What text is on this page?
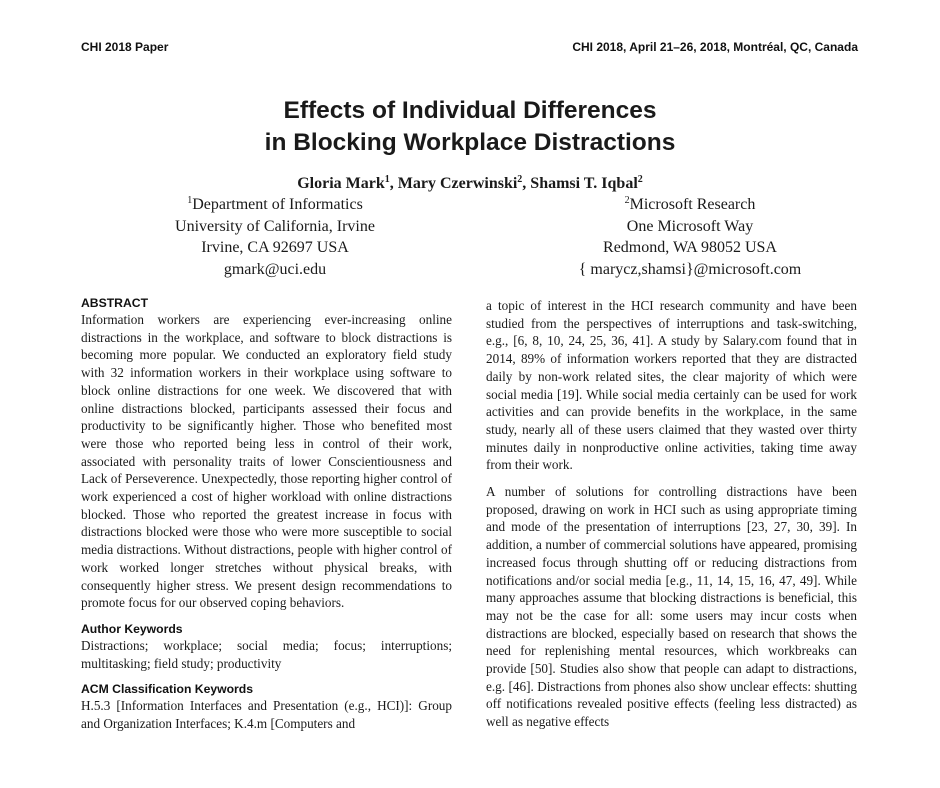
CHI 2018 Paper	CHI 2018, April 21–26, 2018, Montréal, QC, Canada
Effects of Individual Differences
in Blocking Workplace Distractions
Gloria Mark$^1$, Mary Czerwinski$^2$, Shamsi T. Iqbal$^2$
$^1$Department of Informatics
University of California, Irvine
Irvine, CA 92697 USA
gmark@uci.edu
$^2$Microsoft Research
One Microsoft Way
Redmond, WA 98052 USA
{ marycz,shamsi}@microsoft.com
ABSTRACT

Information workers are experiencing ever-increasing online distractions in the workplace, and software to block distractions is becoming more popular. We conducted an exploratory field study with 32 information workers in their workplace using software to block online distractions for one week. We discovered that with online distractions blocked, participants assessed their focus and productivity to be significantly higher. Those who benefited most were those who reported being less in control of their work, associated with personality traits of lower Conscientiousness and Lack of Perseverence. Unexpectedly, those reporting higher control of work experienced a cost of higher workload with online distractions blocked. Those who reported the greatest increase in focus with distractions blocked were those who were more susceptible to social media distractions. Without distractions, people with higher control of work worked longer stretches without physical breaks, with consequently higher stress. We present design recommendations to promote focus for our observed coping behaviors.

Author Keywords

Distractions; workplace; social media; focus; interruptions; multitasking; field study; productivity

ACM Classification Keywords

H.5.3 [Information Interfaces and Presentation (e.g., HCI)]: Group and Organization Interfaces; K.4.m [Computers and

a topic of interest in the HCI research community and have been studied from the perspectives of interruptions and task-switching, e.g., [6, 8, 10, 24, 25, 36, 41]. A study by Salary.com found that in 2014, 89% of information workers reported that they are distracted daily by non-work related sites, the clear majority of which were social media [19]. While social media certainly can be used for work activities and can provide benefits in the workplace, in the same study, nearly all of these users claimed that they wasted over thirty minutes daily in nonproductive online activities, taking time away from their work.

A number of solutions for controlling distractions have been proposed, drawing on work in HCI such as using appropriate timing and mode of the presentation of interruptions [23, 27, 30, 39]. In addition, a number of commercial solutions have appeared, promising increased focus through shutting off or reducing distractions from notifications and/or social media [e.g., 11, 14, 15, 16, 47, 49]. While many approaches assume that blocking distractions is beneficial, this may not be the case for all: some users may incur costs when distractions are blocked, especially based on research that shows the need for replenishing mental resources, which workbreaks can provide [50]. Studies also show that people can adapt to distractions, e.g. [46]. Distractions from phones also show unclear effects: shutting off notifications revealed positive effects (feeling less distracted) as well as negative effects
